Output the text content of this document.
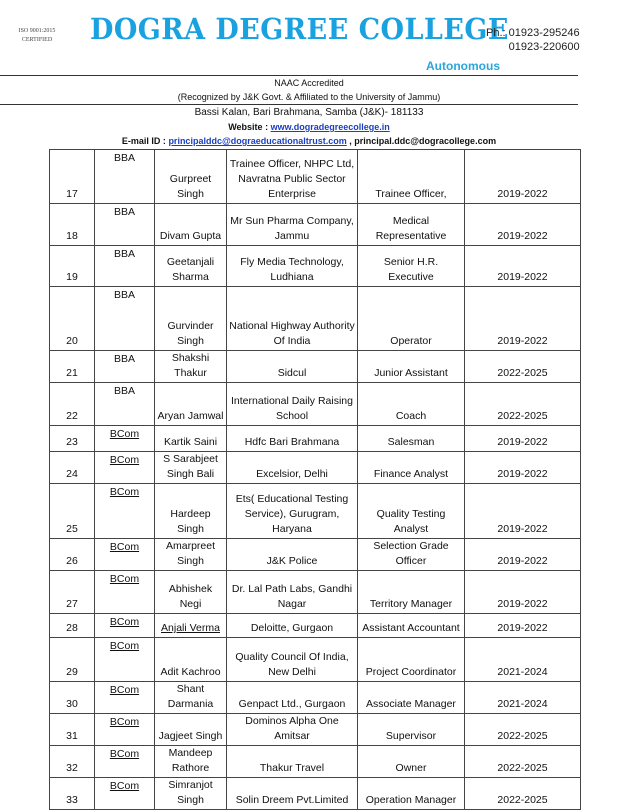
ISO 9001:2015
CERTIFIED DOGRA DEGREE COLLEGE
Ph.: 01923-295246
01923-220600
Autonomous
NAAC Accredited
(Recognized by J&K Govt. & Affiliated to the University of Jammu)
Bassi Kalan, Bari Brahmana, Samba (J&K)- 181133
Website : www.dogradegreecollege.in
E-mail ID : principalddc@dograeducationaltrust.com , principal.ddc@dogracollege.com
17	BBA	Gurpreet Singh	Trainee Officer, NHPC Ltd, Navratna Public Sector Enterprise	Trainee Officer,	2019-2022
18	BBA	Divam Gupta	Mr Sun Pharma Company, Jammu	Medical Representative	2019-2022
19	BBA	Geetanjali Sharma	Fly Media Technology, Ludhiana	Senior H.R. Executive	2019-2022
20	BBA	Gurvinder Singh	National Highway Authority Of India	Operator	2019-2022
21	BBA	Shakshi Thakur	Sidcul	Junior Assistant	2022-2025
22	BBA	Aryan Jamwal	International Daily Raising School	Coach	2022-2025
23	BCom	Kartik Saini	Hdfc Bari Brahmana	Salesman	2019-2022
24	BCom	S Sarabjeet Singh Bali	Excelsior, Delhi	Finance Analyst	2019-2022
25	BCom	Hardeep Singh	Ets( Educational Testing Service), Gurugram, Haryana	Quality Testing Analyst	2019-2022
26	BCom	Amarpreet Singh	J&K Police	Selection Grade Officer	2019-2022
27	BCom	Abhishek Negi	Dr. Lal Path Labs, Gandhi Nagar	Territory Manager	2019-2022
28	BCom	Anjali Verma	Deloitte, Gurgaon	Assistant Accountant	2019-2022
29	BCom	Adit Kachroo	Quality Council Of India, New Delhi	Project Coordinator	2021-2024
30	BCom	Shant Darmania	Genpact Ltd., Gurgaon	Associate Manager	2021-2024
31	BCom	Jagjeet Singh	Dominos Alpha One Amitsar	Supervisor	2022-2025
32	BCom	Mandeep Rathore	Thakur Travel	Owner	2022-2025
33	BCom	Simranjot Singh	Solin Dreem Pvt.Limited	Operation Manager	2022-2025
